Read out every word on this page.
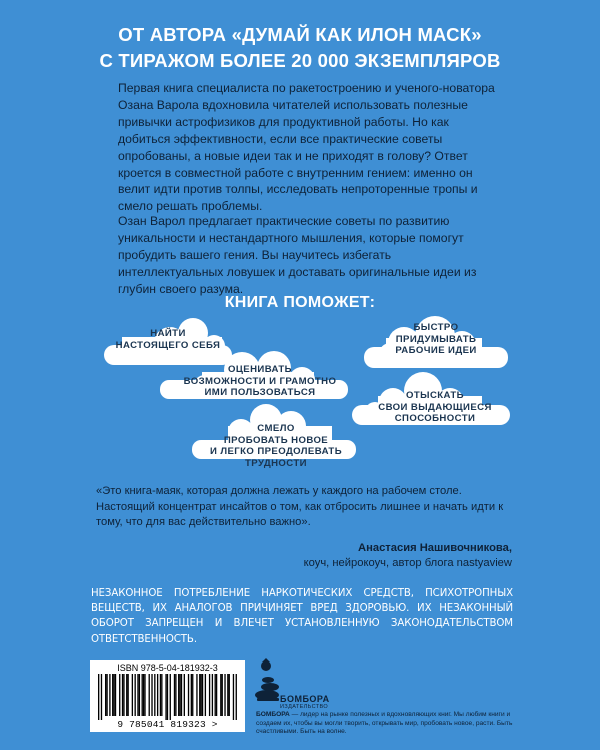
ОТ АВТОРА «ДУМАЙ КАК ИЛОН МАСК»
С ТИРАЖОМ БОЛЕЕ 20 000 ЭКЗЕМПЛЯРОВ
Первая книга специалиста по ракетостроению и ученого-новатора Озана Варола вдохновила читателей использовать полезные привычки астрофизиков для продуктивной работы. Но как добиться эффективности, если все практические советы опробованы, а новые идеи так и не приходят в голову? Ответ кроется в совместной работе с внутренним гением: именно он велит идти против толпы, исследовать непроторенные тропы и смело решать проблемы.
Озан Варол предлагает практические советы по развитию уникальности и нестандартного мышления, которые помогут пробудить вашего гения. Вы научитесь избегать интеллектуальных ловушек и доставать оригинальные идеи из глубин своего разума.
КНИГА ПОМОЖЕТ:
НАЙТИ
НАСТОЯЩЕГО СЕБЯ
БЫСТРО
ПРИДУМЫВАТЬ
РАБОЧИЕ ИДЕИ
ОЦЕНИВАТЬ
ВОЗМОЖНОСТИ И ГРАМОТНО
ИМИ ПОЛЬЗОВАТЬСЯ	ОТЫСКАТЬ
СВОИ ВЫДАЮЩИЕСЯ
СПОСОБНОСТИ
СМЕЛО
ПРОБОВАТЬ НОВОЕ
И ЛЕГКО ПРЕОДОЛЕВАТЬ ТРУДНОСТИ
«Это книга-маяк, которая должна лежать у каждого на рабочем столе. Настоящий концентрат инсайтов о том, как отбросить лишнее и начать идти к тому, что для вас действительно важно».
Анастасия Нашивочникова,
коуч, нейрокоуч, автор блога nastyaview
НЕЗАКОННОЕ ПОТРЕБЛЕНИЕ НАРКОТИЧЕСКИХ СРЕДСТВ, ПСИХОТРОПНЫХ ВЕЩЕСТВ, ИХ АНАЛОГОВ ПРИЧИНЯЕТ ВРЕД ЗДОРОВЬЮ. ИХ НЕЗАКОННЫЙ ОБОРОТ ЗАПРЕЩЕН И ВЛЕЧЕТ УСТАНОВЛЕННУЮ ЗАКОНОДАТЕЛЬСТВОМ ОТВЕТСТВЕННОСТЬ.
ISBN 978-5-04-181932-3
9 785041 819323 >
БОМБОРА
ИЗДАТЕЛЬСТВО
БОМБОРА — лидер на рынке полезных и вдохновляющих книг. Мы любим книги и создаем их, чтобы вы могли творить, открывать мир, пробовать новое, расти. Быть счастливыми. Быть на волне.
